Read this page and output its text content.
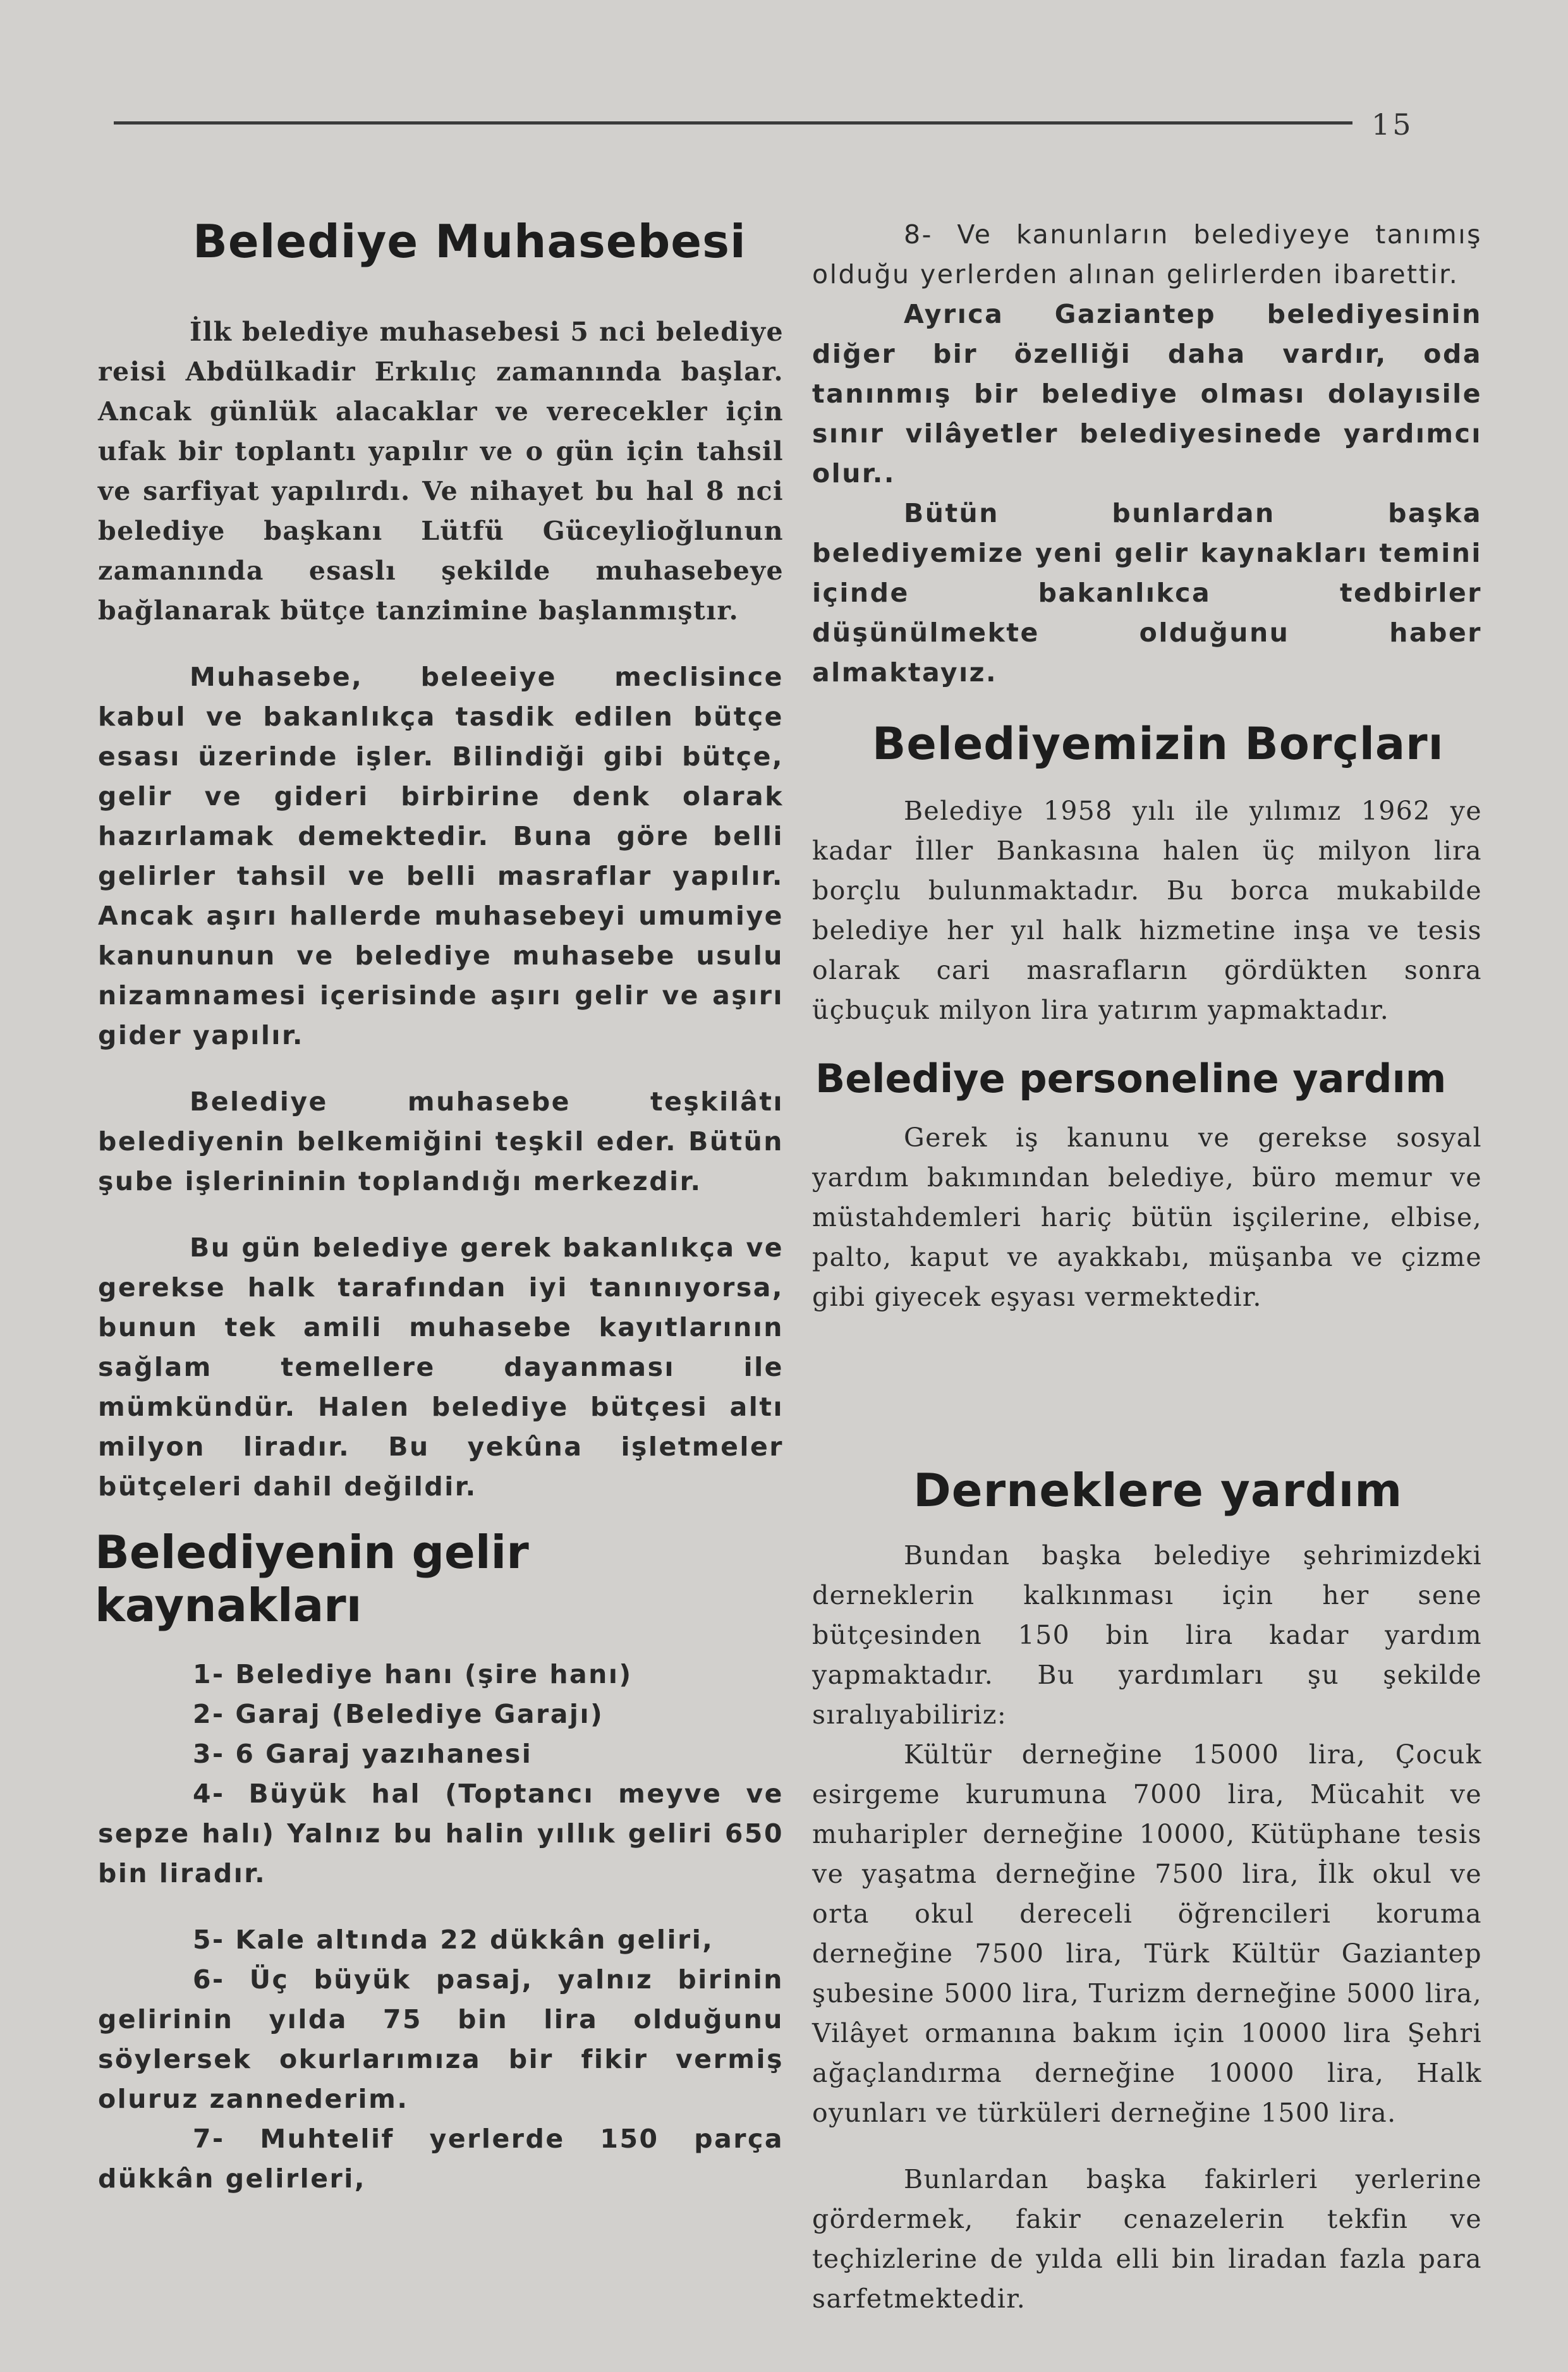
15
Belediye Muhasebesi

İlk belediye muhasebesi 5 nci belediye reisi Abdülkadir Erkılıç zamanında başlar. Ancak günlük alacaklar ve verecekler için ufak bir toplantı yapılır ve o gün için tahsil ve sarfiyat yapılırdı. Ve nihayet bu hal 8 nci belediye başkanı Lütfü Güceylioğlunun zamanında esaslı şekilde muhasebeye bağlanarak bütçe tanzimine başlanmıştır.

Muhasebe, beleeiye meclisince kabul ve bakanlıkça tasdik edilen bütçe esası üzerinde işler. Bilindiği gibi bütçe, gelir ve gideri birbirine denk olarak hazırlamak demektedir. Buna göre belli gelirler tahsil ve belli masraflar yapılır. Ancak aşırı hallerde muhasebeyi umumiye kanununun ve belediye muhasebe usulu nizamnamesi içerisinde aşırı gelir ve aşırı gider yapılır.

Belediye muhasebe teşkilâtı belediyenin belkemiğini teşkil eder. Bütün şube işlerininin toplandığı merkezdir.

Bu gün belediye gerek bakanlıkça ve gerekse halk tarafından iyi tanınıyorsa, bunun tek amili muhasebe kayıtlarının sağlam temellere dayanması ile mümkündür. Halen belediye bütçesi altı milyon liradır. Bu yekûna işletmeler bütçeleri dahil değildir.

Belediyenin gelir kaynakları

1- Belediye hanı (şire hanı)

2- Garaj (Belediye Garajı)

3- 6 Garaj yazıhanesi

4- Büyük hal (Toptancı meyve ve sepze halı) Yalnız bu halin yıllık geliri 650 bin liradır.

5- Kale altında 22 dükkân geliri,

6- Üç büyük pasaj, yalnız birinin gelirinin yılda 75 bin lira olduğunu söylersek okurlarımıza bir fikir vermiş oluruz zannederim.

7- Muhtelif yerlerde 150 parça dükkân gelirleri,

8- Ve kanunların belediyeye tanımış olduğu yerlerden alınan gelirlerden ibarettir.

Ayrıca Gaziantep belediyesinin diğer bir özelliği daha vardır, oda tanınmış bir belediye olması dolayısile sınır vilâyetler belediyesinede yardımcı olur..

Bütün bunlardan başka belediyemize yeni gelir kaynakları temini içinde bakanlıkca tedbirler düşünülmekte olduğunu haber almaktayız.

Belediyemizin Borçları

Belediye 1958 yılı ile yılımız 1962 ye kadar İller Bankasına halen üç milyon lira borçlu bulunmaktadır. Bu borca mukabilde belediye her yıl halk hizmetine inşa ve tesis olarak cari masrafların gördükten sonra üçbuçuk milyon lira yatırım yapmaktadır.

Belediye personeline yardım

Gerek iş kanunu ve gerekse sosyal yardım bakımından belediye, büro memur ve müstahdemleri hariç bütün işçilerine, elbise, palto, kaput ve ayakkabı, müşanba ve çizme gibi giyecek eşyası vermektedir.

Derneklere yardım

Bundan başka belediye şehrimizdeki derneklerin kalkınması için her sene bütçesinden 150 bin lira kadar yardım yapmaktadır. Bu yardımları şu şekilde sıralıyabiliriz:

Kültür derneğine 15000 lira, Çocuk esirgeme kurumuna 7000 lira, Mücahit ve muharipler derneğine 10000, Kütüphane tesis ve yaşatma derneğine 7500 lira, İlk okul ve orta okul dereceli öğrencileri koruma derneğine 7500 lira, Türk Kültür Gaziantep şubesine 5000 lira, Turizm derneğine 5000 lira, Vilâyet ormanına bakım için 10000 lira Şehri ağaçlandırma derneğine 10000 lira, Halk oyunları ve türküleri derneğine 1500 lira.

Bunlardan başka fakirleri yerlerine gördermek, fakir cenazelerin tekfin ve teçhizlerine de yılda elli bin liradan fazla para sarfetmektedir.
